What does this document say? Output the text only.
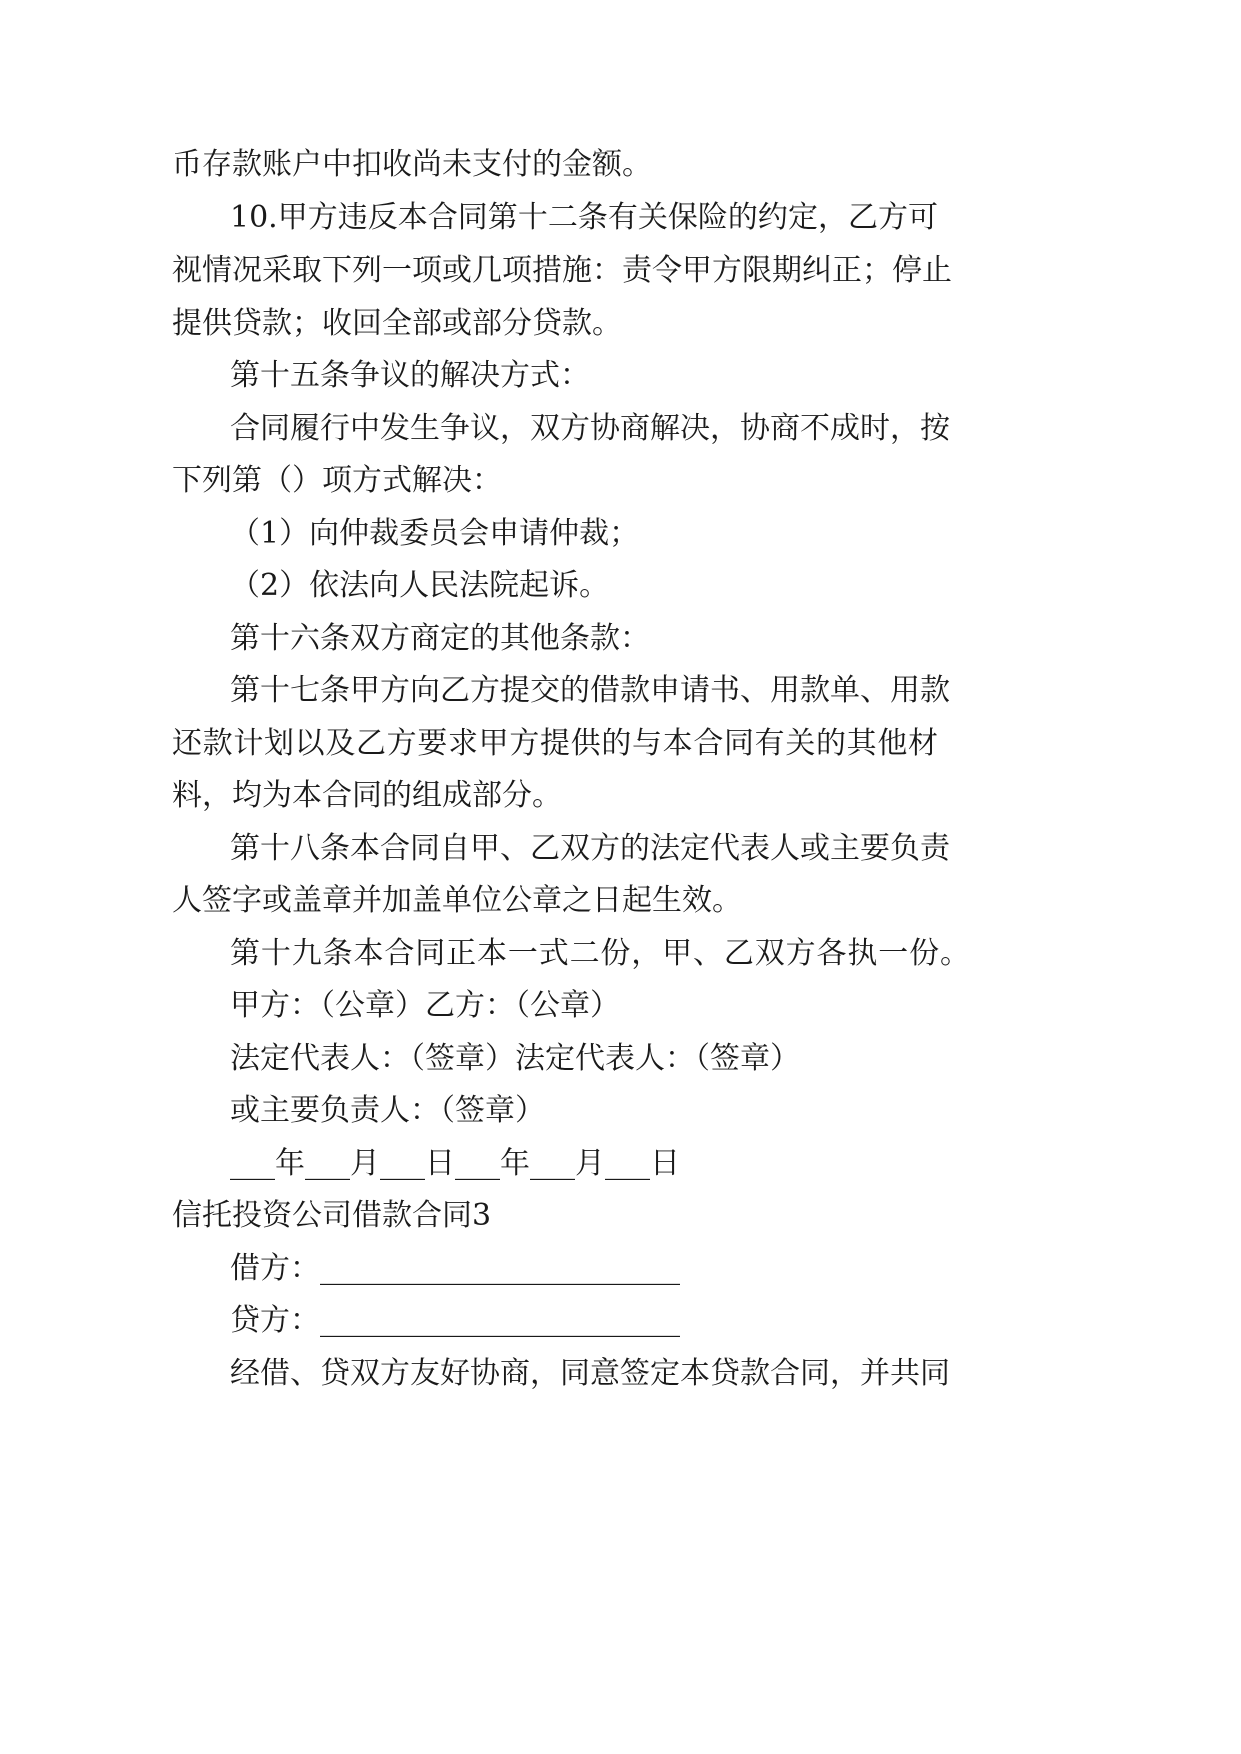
币存款账户中扣收尚未支付的金额。
10.甲方违反本合同第十二条有关保险的约定，乙方可
视情况采取下列一项或几项措施：责令甲方限期纠正；停止
提供贷款；收回全部或部分贷款。
第十五条争议的解决方式：
合同履行中发生争议，双方协商解决，协商不成时，按
下列第（）项方式解决：
（1）向仲裁委员会申请仲裁；
（2）依法向人民法院起诉。
第十六条双方商定的其他条款：
第十七条甲方向乙方提交的借款申请书、用款单、用款
还款计划以及乙方要求甲方提供的与本合同有关的其他材
料，均为本合同的组成部分。
第十八条本合同自甲、乙双方的法定代表人或主要负责
人签字或盖章并加盖单位公章之日起生效。
第十九条本合同正本一式二份，甲、乙双方各执一份。
甲方：（公章）乙方：（公章）
法定代表人：（签章）法定代表人：（签章）
或主要负责人：（签章）
___年___月___日___年___月___日
信托投资公司借款合同3
借方：________________________
贷方：________________________
经借、贷双方友好协商，同意签定本贷款合同，并共同
